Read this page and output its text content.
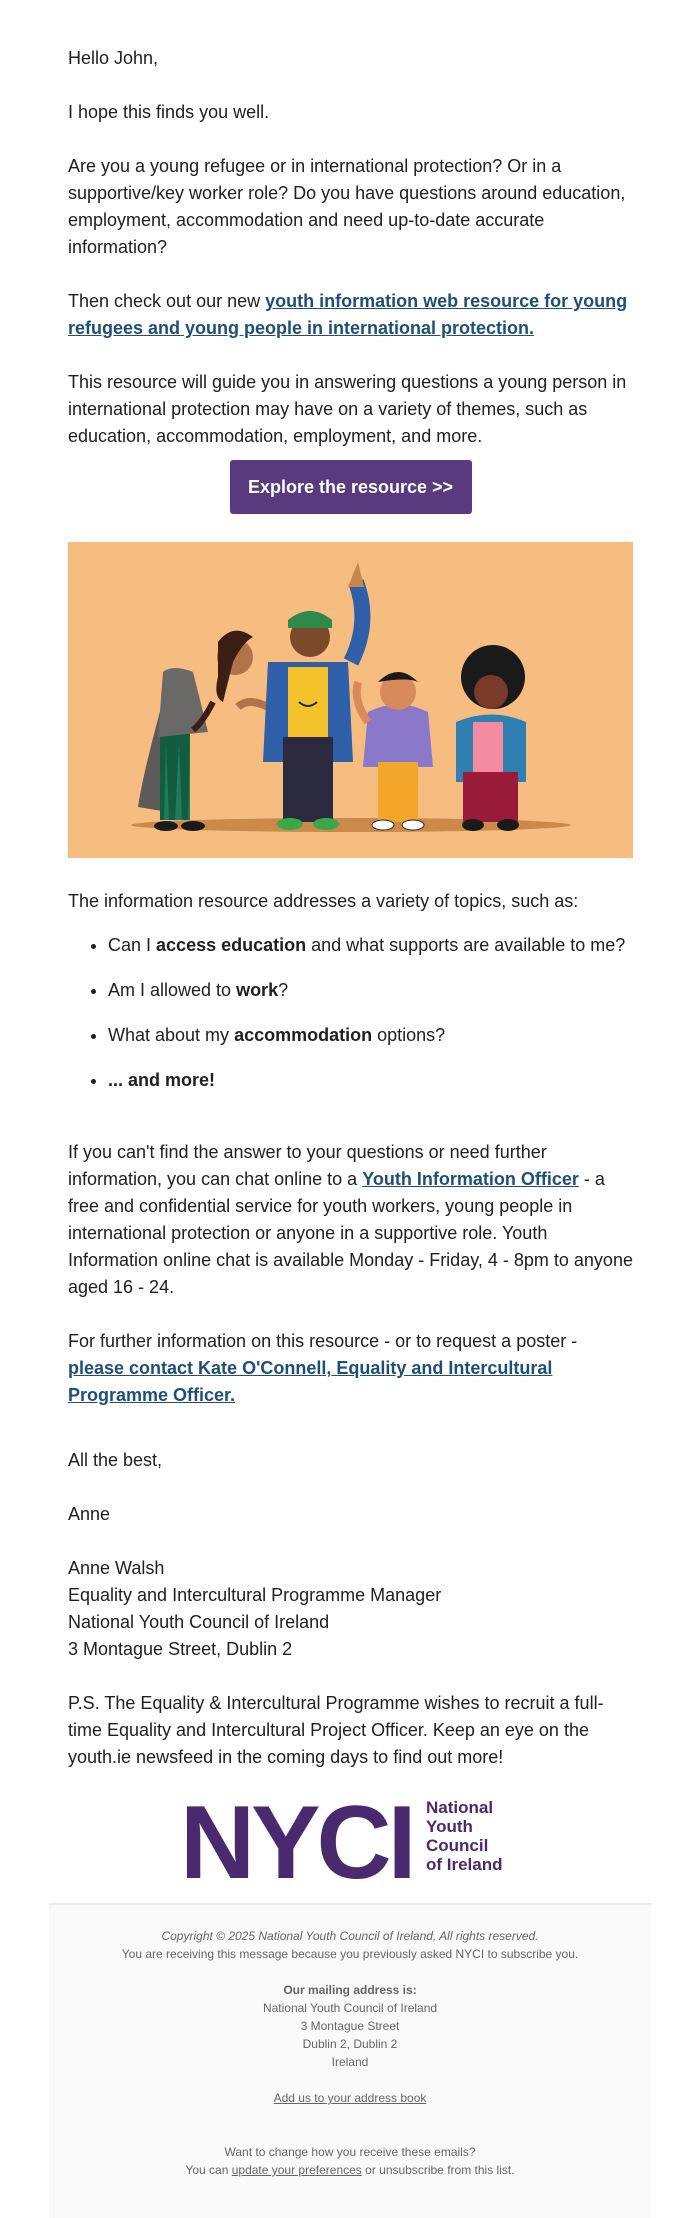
Hello John,

I hope this finds you well.

Are you a young refugee or in international protection? Or in a supportive/key worker role? Do you have questions around education, employment, accommodation and need up-to-date accurate information?

Then check out our new youth information web resource for young refugees and young people in international protection.

This resource will guide you in answering questions a young person in international protection may have on a variety of themes, such as education, accommodation, employment, and more.

Explore the resource >>

The information resource addresses a variety of topics, such as:

• Can I access education and what supports are available to me?
• Am I allowed to work?
• What about my accommodation options?
• ... and more!

If you can't find the answer to your questions or need further information, you can chat online to a Youth Information Officer - a free and confidential service for youth workers, young people in international protection or anyone in a supportive role. Youth Information online chat is available Monday - Friday, 4 - 8pm to anyone aged 16 - 24.

For further information on this resource - or to request a poster - please contact Kate O'Connell, Equality and Intercultural Programme Officer.

All the best,

Anne

Anne Walsh

Equality and Intercultural Programme Manager

National Youth Council of Ireland

3 Montague Street, Dublin 2

P.S. The Equality & Intercultural Programme wishes to recruit a full-time Equality and Intercultural Project Officer. Keep an eye on the youth.ie newsfeed in the coming days to find out more!

NYCI National
Youth
Council
of Ireland
Copyright © 2025 National Youth Council of Ireland, All rights reserved.
You are receiving this message because you previously asked NYCI to subscribe you.
Our mailing address is:
National Youth Council of Ireland
3 Montague Street
Dublin 2, Dublin 2
Ireland
Add us to your address book
Want to change how you receive these emails?
You can update your preferences or unsubscribe from this list.
